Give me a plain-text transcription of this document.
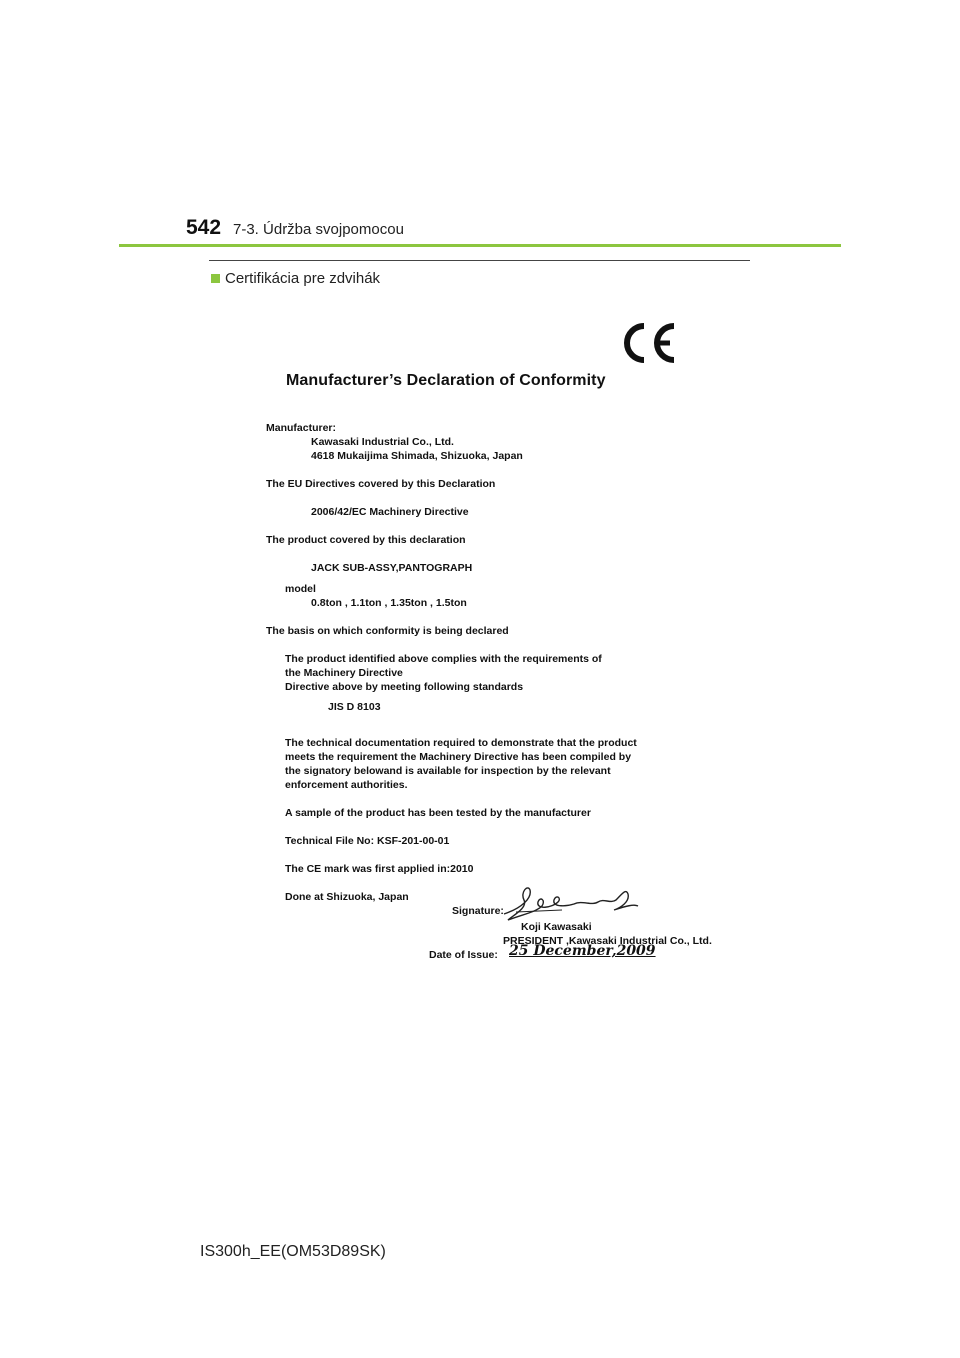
542 7-3. Údržba svojpomocou
Certifikácia pre zdvihák
Manufacturer’s Declaration of Conformity
Manufacturer:
Kawasaki Industrial Co., Ltd.
4618 Mukaijima Shimada, Shizuoka, Japan
The EU Directives covered by this Declaration
2006/42/EC Machinery Directive
The product covered by this declaration
JACK SUB-ASSY,PANTOGRAPH
model
0.8ton , 1.1ton , 1.35ton , 1.5ton
The basis on which conformity is being declared
The product identified above complies with the requirements of
the Machinery Directive
Directive above by meeting following standards
JIS D 8103
The technical documentation required to demonstrate that the product
meets the requirement the Machinery Directive has been compiled by
the signatory belowand is available for inspection by the relevant
enforcement authorities.
A sample of the product has been tested by the manufacturer
Technical File No: KSF-201-00-01
The CE mark was first applied in:2010
Done at Shizuoka, Japan
Signature:
Koji Kawasaki
PRESIDENT ,Kawasaki Industrial Co., Ltd.
Date of Issue: 25 December,2009
IS300h_EE(OM53D89SK)
